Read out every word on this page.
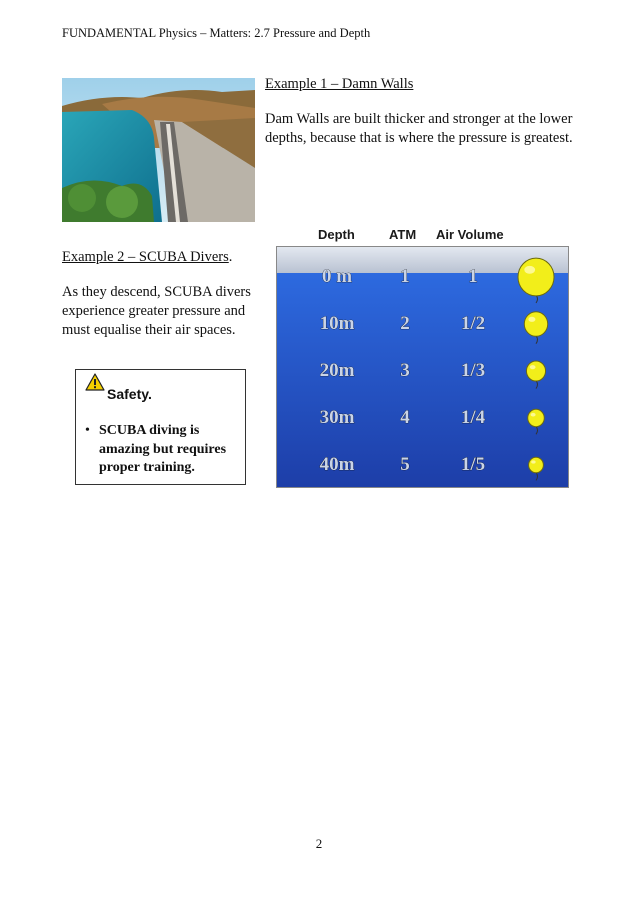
FUNDAMENTAL Physics – Matters: 2.7 Pressure and Depth
Example 1 – Damn Walls
Dam Walls are built thicker and stronger at the lower depths, because that is where the pressure is greatest.
Example 2 – SCUBA Divers.
As they descend, SCUBA divers experience greater pressure and must equalise their air spaces.
Safety.
• SCUBA diving is amazing but requires proper training.
Depth	ATM Air Volume
0 m	1	1
10m 2	1/2
20m 3	1/3
30m 4	1/4
40m 5	1/5
2
